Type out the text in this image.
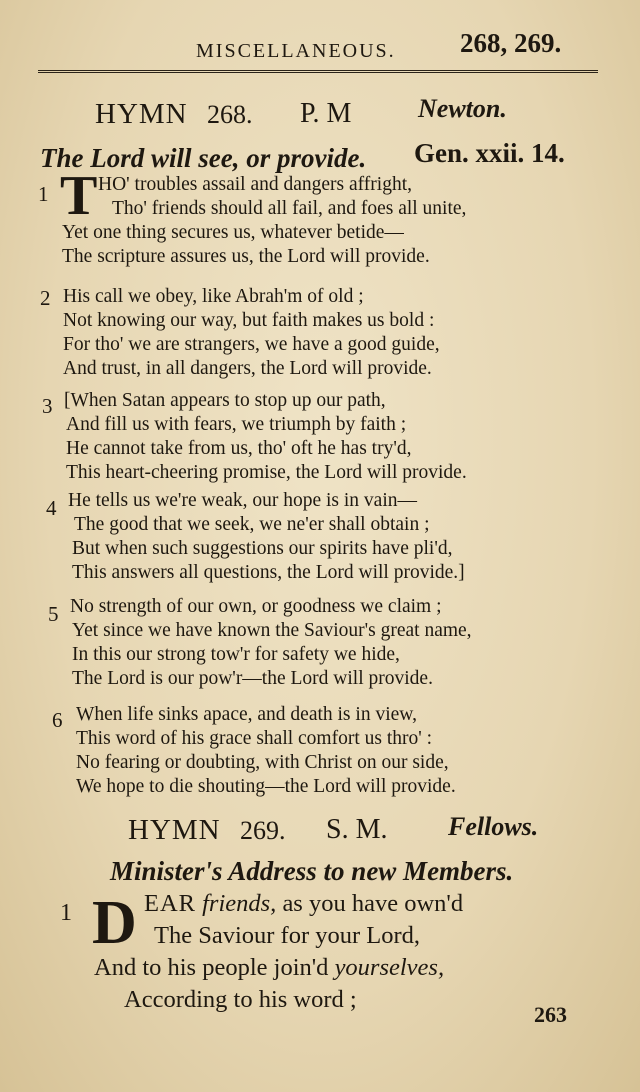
MISCELLANEOUS. 268, 269.
HYMN 268. P. M	Newton.
The Lord will see, or provide. Gen. xxii. 14.
1 T HO' troubles assail and dangers affright,
Tho' friends should all fail, and foes all unite,
Yet one thing secures us, whatever betide—
The scripture assures us, the Lord will provide.
2 His call we obey, like Abrah'm of old ;
Not knowing our way, but faith makes us bold :
For tho' we are strangers, we have a good guide,
And trust, in all dangers, the Lord will provide.
3 [When Satan appears to stop up our path,
And fill us with fears, we triumph by faith ;
He cannot take from us, tho' oft he has try'd,
This heart-cheering promise, the Lord will provide.
4 He tells us we're weak, our hope is in vain—
The good that we seek, we ne'er shall obtain ;
But when such suggestions our spirits have pli'd,
This answers all questions, the Lord will provide.]
5 No strength of our own, or goodness we claim ;
Yet since we have known the Saviour's great name,
In this our strong tow'r for safety we hide,
The Lord is our pow'r—the Lord will provide.
6 When life sinks apace, and death is in view,
This word of his grace shall comfort us thro' :
No fearing or doubting, with Christ on our side,
We hope to die shouting—the Lord will provide.
HYMN 269. S. M. Fellows.
Minister's Address to new Members.
1 D EAR friends, as you have own'd
The Saviour for your Lord,
And to his people join'd yourselves,
According to his word ;
263
